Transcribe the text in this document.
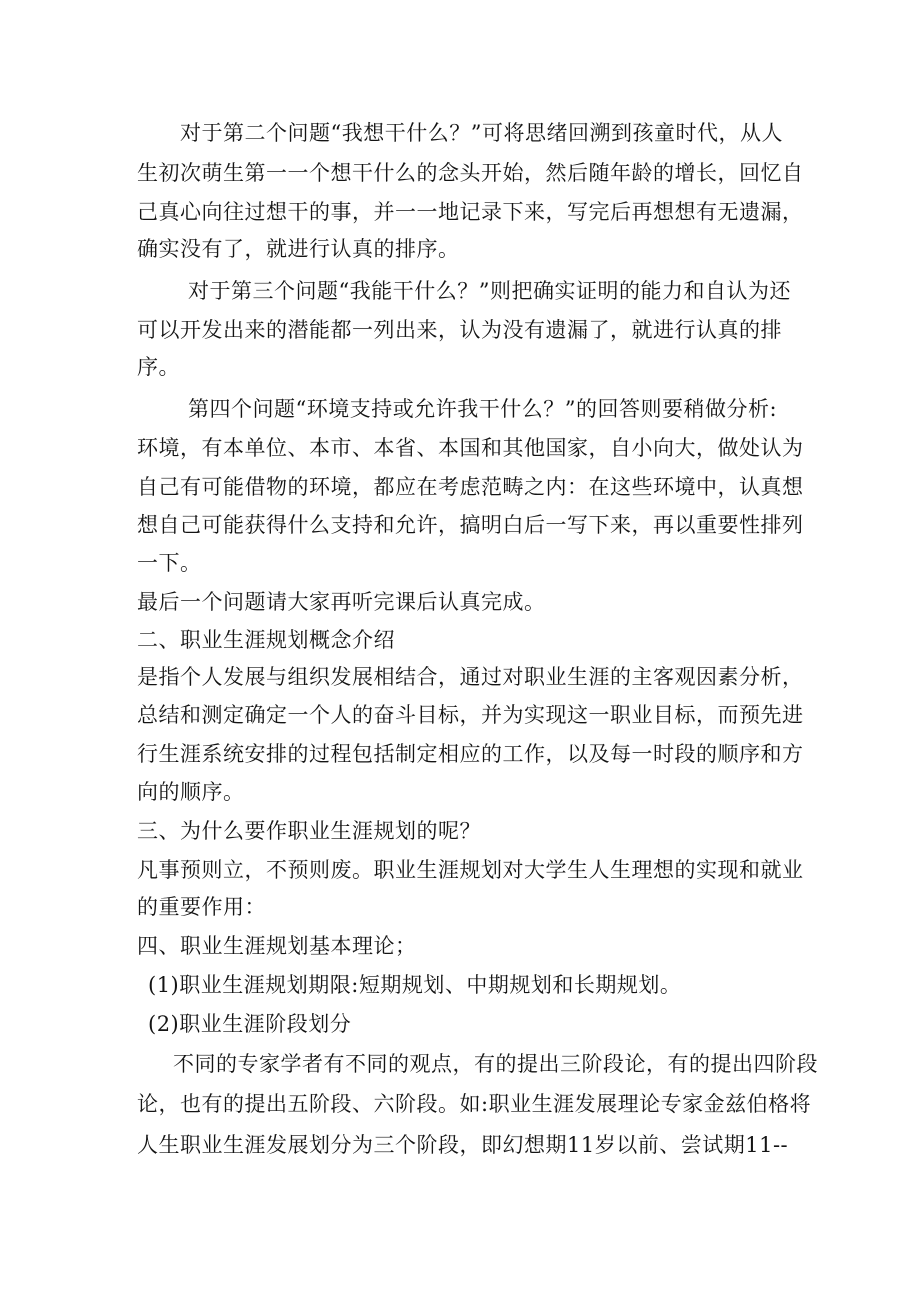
对于第二个问题“我想干什么？”可将思绪回溯到孩童时代，从人
生初次萌生第一一个想干什么的念头开始，然后随年龄的增长，回忆自
己真心向往过想干的事，并一一地记录下来，写完后再想想有无遗漏，
确实没有了，就进行认真的排序。
对于第三个问题“我能干什么？”则把确实证明的能力和自认为还
可以开发出来的潜能都一列出来，认为没有遗漏了，就进行认真的排
序。
第四个问题“环境支持或允许我干什么？”的回答则要稍做分析:
环境，有本单位、本市、本省、本国和其他国家，自小向大，做处认为
自己有可能借物的环境，都应在考虑范畴之内：在这些环境中，认真想
想自己可能获得什么支持和允许，搞明白后一写下来，再以重要性排列
一下。
最后一个问题请大家再听完课后认真完成。
二、职业生涯规划概念介绍
是指个人发展与组织发展相结合，通过对职业生涯的主客观因素分析，
总结和测定确定一个人的奋斗目标，并为实现这一职业目标，而预先进
行生涯系统安排的过程包括制定相应的工作，以及每一时段的顺序和方
向的顺序。
三、为什么要作职业生涯规划的呢？
凡事预则立，不预则废。职业生涯规划对大学生人生理想的实现和就业
的重要作用：
四、职业生涯规划基本理论；
(1)职业生涯规划期限:短期规划、中期规划和长期规划。
(2)职业生涯阶段划分
不同的专家学者有不同的观点，有的提出三阶段论，有的提出四阶段
论，也有的提出五阶段、六阶段。如:职业生涯发展理论专家金兹伯格将
人生职业生涯发展划分为三个阶段，即幻想期11岁以前、尝试期11--
